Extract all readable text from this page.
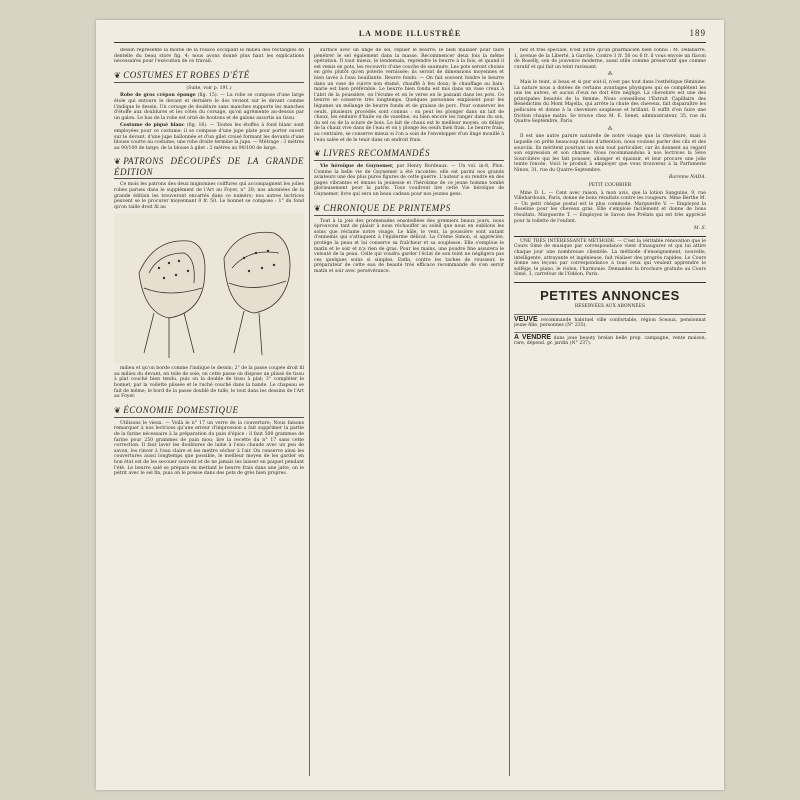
LA MODE ILLUSTRÉE	189

dessin représente la moitié de la rosace occupant le milieu des rectangles en dentelle du beau store fig. 4; nous avons donné plus haut les explications nécessaires pour l'exécution de ce travail.

❦ COSTUMES ET ROBES D'ÉTÉ

(Suite, voir p. 191.)

Robe de gros crépon éponge (fig. 15). — La robe se compose d'une large étole qui entoure le devant et dernière le dos revient sur le devant comme l'indique le dessin. Un corsage de doublure sans manches supporte les manches d'étoffe aux doublures et les côtés du corsage, qu'on agrémente au-dessus par un galon. Le bas de la robe est orné de boutons et de galons assortis au tissu.

Costume de piqué blanc (fig. 16). — Toutes les étoffes à fond blanc sont employées pour ce costume; il se compose d'une jupe plate pour porter ouvert sur le devant, d'une jupe ballonnée et d'un gilet croisé formant les devants d'une blouse courte au costume; une robe droite termine la jupe. — Métrage : 3 mètres au 90/100 de large; de la blouse à gilet : 2 mètres au 90/100 de large.

❦ PATRONS DÉCOUPÉS DE LA GRANDE ÉDITION

Ce mois les patrons des deux mignonnes coiffures qui accompagnent les jolies robes parues dans le supplément de l'Art au Foyer, n° 20; nos abonnées de la grande édition les trouveront encartés dans ce numéro; nos autres lectrices peuvent se le procurer moyennant 0 fr. 50. Le bonnet se compose : 1° du fond qu'on taille droit fil au

milieu et qu'on borde comme l'indique le dessin; 2° de la passe coupée droit fil au milieu du devant, en toile de soie; on cette passe on dispose un plissé de tissu à plat couché bien tendu, puis on la double de tissu à plat; 3° compléter le bonnet, par la voilette plissée et le ruché couché dans la bande. Le chapeau se fait de même; le bord de la passe doublé de tulle, le tout dans les dessins de l'Art au Foyer.

❦ ÉCONOMIE DOMESTIQUE

Utilisons le vieux. — Voilà le n° 17 un verre de la couverture; Nous faisons remarquer à nos lectrices qu'une erreur d'impression a fait supprimer la partie de la farine nécessaire à la préparation du pain d'épice : il faut 500 grammes de farine pour 250 grammes de pain mou; lire la recette du n° 17 sans cette correction. Il faut laver les doublures de laine à l'eau chaude avec un peu de savon, les rincer à l'eau claire et les mettre sécher à l'air. On conserve ainsi les couvertures aussi longtemps que possible, le meilleur moyen de les garder en bon état est de les secouer souvent et de ne jamais les laisser en paquet pendant l'été. Le beurre salé se prépare en mettant le beurre frais dans une jatte, on le pétrit avec le sel fin, puis on le presse dans des pots de grès bien propres.

surface avec un linge de sel, replier le beurre; le bien malaxer pour faire pénétrer le sel également dans la masse. Recommencer deux fois la même opération. Il vaut mieux, le lendemain, reprendre le beurre à la fois, et quand il est remis en pots, les recouvrir d'une couche de saumure. Les pots seront choisis en grès plutôt qu'en poterie vernissée; ils seront de dimensions moyennes et bien lavés à l'eau bouillante. Beurre fondu. — On fait souvent fondre le beurre dans un vase de cuivre non étamé, chauffé à feu doux; le chauffage au bain-marie est bien préférable. Le beurre bien fondu est mis dans un vase creux à l'abri de la poussière, on l'écume et on le verse en le passant dans les pots. Ce beurre se conserve très longtemps. Quelques personnes emploient pour les légumes un mélange de beurre fondu et de graisse de porc. Pour conserver les oeufs, plusieurs procédés sont connus : on peut les plonger dans un lait de chaux, les enduire d'huile ou de vaseline, ou bien encore les ranger dans du son, du sel ou de la sciure de bois. Le lait de chaux est le meilleur moyen; on délaye de la chaux vive dans de l'eau et on y plonge les oeufs bien frais. Le beurre frais, au contraire, se conserve mieux si l'on a soin de l'envelopper d'un linge mouillé à l'eau salée et de le tenir dans un endroit frais.

❦ LIVRES RECOMMANDÉS

Vie héroïque de Guynemer, par Henry Bordeaux. — Un vol. in-8, Plon. Comme la belle vie de Guynemer a été racontée, elle est parmi nos grands aviateurs une des plus pures figures de cette guerre. L'auteur a su rendre en des pages vibrantes et émues la jeunesse et l'héroïsme de ce jeune homme tombé glorieusement pour la patrie. Tous voudront lire cette Vie héroïque de Guynemer, livre qui sera un beau cadeau pour nos jeunes gens.

❦ CHRONIQUE DE PRINTEMPS

Tout à la joie des promenades ensoleillées des premiers beaux jours, nous éprouvons tant de plaisir à nous réchauffer au soleil que nous en oublions les soins que réclame notre visage. Le hâle, le vent, la poussière sont autant d'ennemis qui s'attaquent à l'épiderme délicat. La Crème Simon, si appréciée, protège la peau et lui conserve sa fraîcheur et sa souplesse. Elle s'emploie le matin et le soir et n'a rien de gras. Pour les mains, une poudre fine assurera le velouté de la peau. Celle qui voudra garder l'éclat de son teint ne négligera pas ces quelques soins si simples. Enfin, contre les taches de rousseur, le préparateur de cette eau de beauté très efficace recommande de s'en servir matin et soir avec persévérance.

nez et très spéciale, n'est autre qu'un pharmacien bien connu : M. Delabarre, 1, avenue de la Liberté, à Garche. Contre 3 fr. 50 ou 6 fr. il vous envoie un flacon de Roselly, son de jouvence moderne, aussi utile comme préservatif que comme curatif et qui fait un teint ravissant.

⁂

Mais le teint, si beau et si pur soit-il, n'est pas tout dans l'esthétique féminine. La nature nous a dotées de certains avantages physiques qui se complètent les uns les autres, et aucun d'eux ne doit être négligé. La chevelure est une des principales beautés de la femme. Nous conseillons l'Extrait Capillaire des Bénédictins du Mont Majella, qui arrête la chute des cheveux, fait disparaître les pellicules et donne à la chevelure souplesse et brillant. Il suffit d'en faire une friction chaque matin. Se trouve chez M. E. Senet, administrateur, 35, rue du Quatre-Septembre, Paris.

⁂

Il est une autre parure naturelle de notre visage que la chevelure, mais à laquelle on prête beaucoup moins d'attention, nous voulons parler des cils et des sourcils. Ils méritent pourtant un soin tout particulier, car ils donnent au regard son expression et son charme. Nous recommandons à nos lectrices la Sève Sourcilière qui les fait pousser, allonger et épaissir, et leur procure une jolie teinte foncée. Voici le produit à employer que vous trouverez à la Parfumerie Ninon, 31, rue du Quatre-Septembre.

Baronne NADA.

PETIT COURRIER

Mme D. L. — Cent avec raison, à mon avis, que la lotion Sanguine, 9, rue Villehardouin, Paris, donne de bons résultats contre les rougeurs. Mme Berthe M. — Un petit chèque postal est le plus commode. Marguerite V. — Employez la Roseline pour les cheveux gras. Elle s'emploie facilement et donne de bons résultats. Marguerite T. — Employez le Savon des Prélats qui est très apprécié pour la toilette de l'enfant.

M. S.

UNE TRÈS INTÉRESSANTE MÉTHODE. — C'est la véritable rénovation que le Cours Simé de musique par correspondance vient d'inaugurer et qui lui attire chaque jour une nombreuse clientèle. La méthode d'enseignement, nouvelle, intelligente, attrayante et ingénieuse, fait réaliser des progrès rapides. Le Cours donne ses leçons par correspondance à tous ceux qui veulent apprendre le solfège, le piano, le violon, l'harmonie. Demandez la brochure gratuite au Cours Simé, 3, carrefour de l'Odéon, Paris.

PETITES ANNONCES
RÉSERVÉES AUX ABONNÉES
VEUVE recommande habituel ville confortable, région Sceaux, pensionnat jeune fille, personnes (N° 235).
A VENDRE dans joue beauty brelan belle prop. campagne, vente maison, rare, dépend. gr. jardin (N° 237).
